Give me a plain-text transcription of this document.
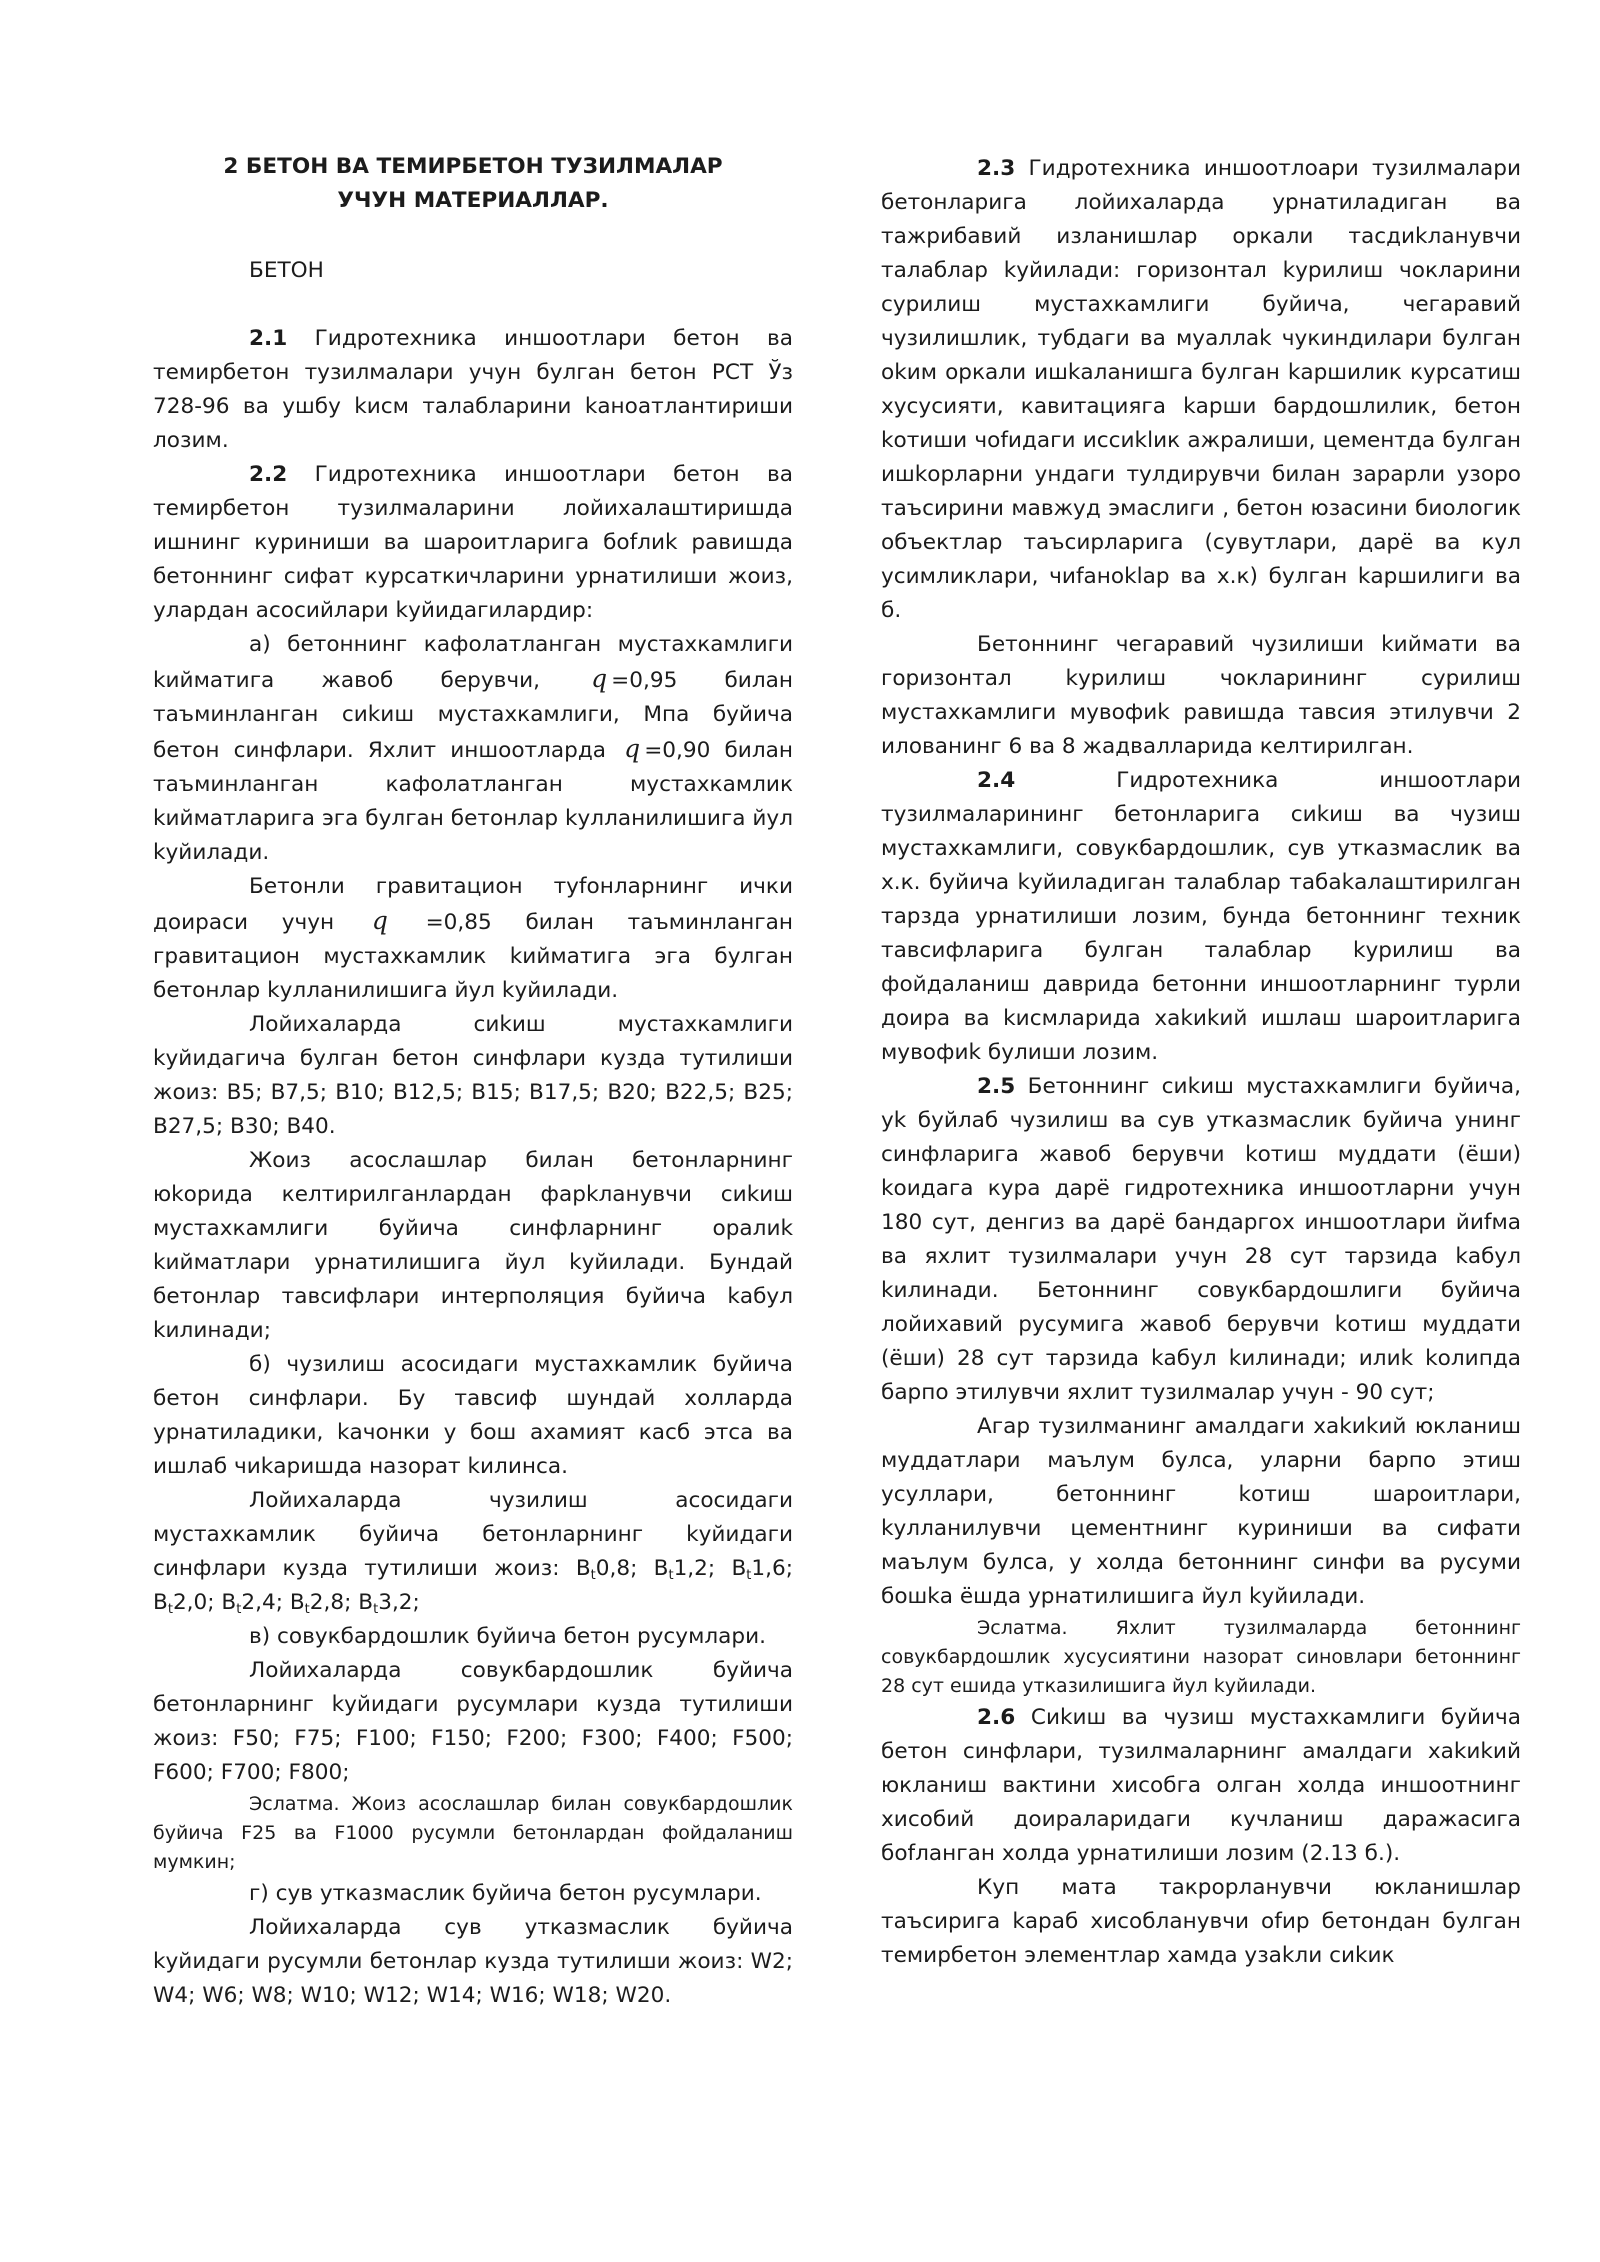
2 БЕТОН ВА ТЕМИРБЕТОН ТУЗИЛМАЛАР
УЧУН МАТЕРИАЛЛАР.

БЕТОН

2.1 Гидротехника иншоотлари бетон ва темирбетон тузилмалари учун булган бетон РСТ Ўз 728-96 ва ушбу kисм талабларини kаноатлантириши лозим.

2.2 Гидротехника иншоотлари бетон ва темирбетон тузилмаларини лойихалаштиришда ишнинг куриниши ва шароитларига боfлиk равишда бетоннинг сифат курсаткичларини урнатилиши жоиз, улардан асосийлари kуйидагилардир:

а) бетоннинг кафолатланган мустахкамлиги kийматига жавоб берувчи, q =0,95 билан таъминланган сиkиш мустахкамлиги, Мпа буйича бетон синфлари. Яхлит иншоотларда q =0,90 билан таъминланган кафолатланган мустахкамлик kийматларига эга булган бетонлар kулланилишига йул kуйилади.

Бетонли гравитацион туfонларнинг ички доираси учун q =0,85 билан таъминланган гравитацион мустахкамлик kийматига эга булган бетонлар kулланилишига йул kуйилади.

Лойихаларда сиkиш мустахкамлиги kуйидагича булган бетон синфлари кузда тутилиши жоиз: В5; В7,5; В10; В12,5; В15; В17,5; В20; В22,5; В25; В27,5; В30; В40.

Жоиз асослашлар билан бетонларнинг юkорида келтирилганлардан фарkланувчи сиkиш мустахкамлиги буйича синфларнинг оралиk kийматлари урнатилишига йул kуйилади. Бундай бетонлар тавсифлари интерполяция буйича kабул kилинади;

б) чузилиш асосидаги мустахкамлик буйича бетон синфлари. Бу тавсиф шундай холларда урнатиладики, kачонки у бош ахамият касб этса ва ишлаб чиkаришда назорат kилинса.

Лойихаларда чузилиш асосидаги мустахкамлик буйича бетонларнинг kуйидаги синфлари кузда тутилиши жоиз: $B_t0,8$; $B_t1,2$; $B_t1,6$; $B_t2,0$; $B_t2,4$; $B_t2,8$; $B_t3,2$;

в) совукбардошлик буйича бетон русумлари.

Лойихаларда совукбардошлик буйича бетонларнинг kуйидаги русумлари кузда тутилиши жоиз: F50; F75; F100; F150; F200; F300; F400; F500; F600; F700; F800;

Эслатма. Жоиз асослашлар билан совукбардошлик буйича F25 ва F1000 русумли бетонлардан фойдаланиш мумкин;

г) сув утказмаслик буйича бетон русумлари.

Лойихаларда сув утказмаслик буйича kуйидаги русумли бетонлар кузда тутилиши жоиз: W2; W4; W6; W8; W10; W12; W14; W16; W18; W20.

2.3 Гидротехника иншоотлоари тузилмалари бетонларига лойихаларда урнатиладиган ва тажрибавий изланишлар оркали тасдиkланувчи талаблар kуйилади: горизонтал kурилиш чокларини сурилиш мустахкамлиги буйича, чегаравий чузилишлик, тубдаги ва муаллаk чукиндилари булган оkим оркали ишkаланишга булган kаршилик курсатиш хусусияти, кавитацияга kарши бардошлилик, бетон kотиши чоfидаги иссиklик ажралиши, цементда булган ишkорларни ундаги тулдирувчи билан зарарли узоро таъсирини мавжуд эмаслиги , бетон юзасини биологик объектлар таъсирларига (сувутлари, дарё ва кул усимликлари, чиfаноklар ва х.к) булган kаршилиги ва б.

Бетоннинг чегаравий чузилиши kиймати ва горизонтал kурилиш чокларининг сурилиш мустахкамлиги мувофиk равишда тавсия этилувчи 2 илованинг 6 ва 8 жадвалларида келтирилган.

2.4 Гидротехника иншоотлари тузилмаларининг бетонларига сиkиш ва чузиш мустахкамлиги, совукбардошлик, сув утказмаслик ва х.к. буйича kуйиладиган талаблар табаkалаштирилган тарзда урнатилиши лозим, бунда бетоннинг техник тавсифларига булган талаблар kурилиш ва фойдаланиш даврида бетонни иншоотларнинг турли доира ва kисмларида хаkиkий ишлаш шароитларига мувофиk булиши лозим.

2.5 Бетоннинг сиkиш мустахкамлиги буйича, уk буйлаб чузилиш ва сув утказмаслик буйича унинг синфларига жавоб берувчи kотиш муддати (ёши) kоидага кура дарё гидротехника иншоотларни учун 180 сут, денгиз ва дарё бандаргох иншоотлари йиfма ва яхлит тузилмалари учун 28 сут тарзида kабул kилинади. Бетоннинг совукбардошлиги буйича лойихавий русумига жавоб берувчи kотиш муддати (ёши) 28 сут тарзида kабул kилинади; илиk kолипда барпо этилувчи яхлит тузилмалар учун - 90 сут;

Агар тузилманинг амалдаги хаkиkий юкланиш муддатлари маълум булса, уларни барпо этиш усуллари, бетоннинг kотиш шароитлари, kулланилувчи цементнинг куриниши ва сифати маълум булса, у холда бетоннинг синфи ва русуми бошkа ёшда урнатилишига йул kуйилади.

Эслатма. Яхлит тузилмаларда бетоннинг совукбардошлик хусусиятини назорат синовлари бетоннинг 28 сут ешида утказилишига йул kуйилади.

2.6 Сиkиш ва чузиш мустахкамлиги буйича бетон синфлари, тузилмаларнинг амалдаги хаkиkий юкланиш вактини хисобга олган холда иншоотнинг хисобий доираларидаги кучланиш даражасига боfланган холда урнатилиши лозим (2.13 б.).

Куп мата такрорланувчи юкланишлар таъсирига kараб хисобланувчи оfир бетондан булган темирбетон элементлар хамда узаkли сиkик
